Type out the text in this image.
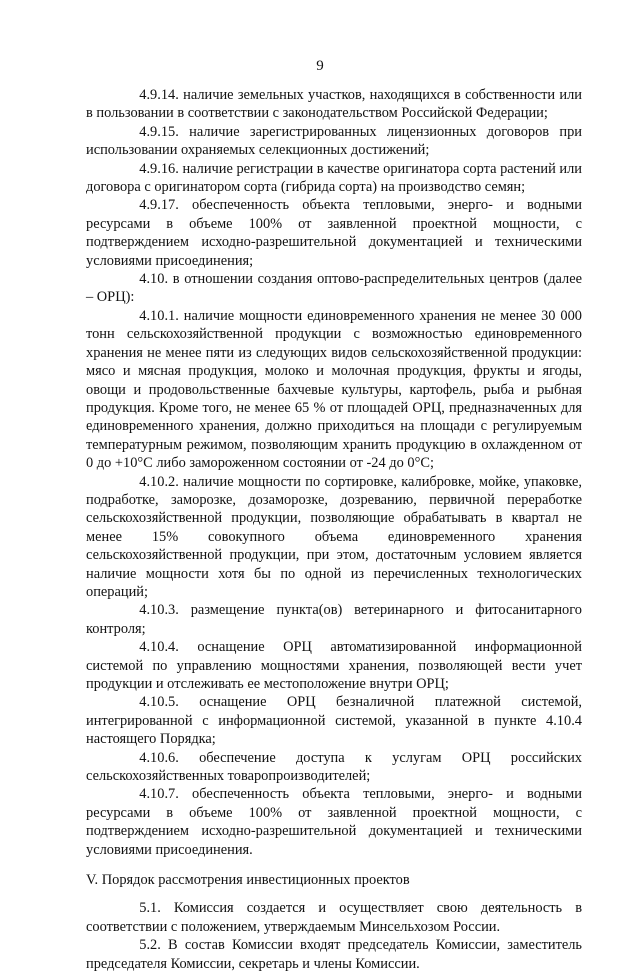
9

4.9.14. наличие земельных участков, находящихся в собственности или в пользовании в соответствии с законодательством Российской Федерации;

4.9.15. наличие зарегистрированных лицензионных договоров при использовании охраняемых селекционных достижений;

4.9.16. наличие регистрации в качестве оригинатора сорта растений или договора с оригинатором сорта (гибрида сорта) на производство семян;

4.9.17. обеспеченность объекта тепловыми, энерго- и водными ресурсами в объеме 100% от заявленной проектной мощности, с подтверждением исходно-разрешительной документацией и техническими условиями присоединения;

4.10. в отношении создания оптово-распределительных центров (далее – ОРЦ):

4.10.1. наличие мощности единовременного хранения не менее 30 000 тонн сельскохозяйственной продукции с возможностью единовременного хранения не менее пяти из следующих видов сельскохозяйственной продукции: мясо и мясная продукция, молоко и молочная продукция, фрукты и ягоды, овощи и продовольственные бахчевые культуры, картофель, рыба и рыбная продукция. Кроме того, не менее 65 % от площадей ОРЦ, предназначенных для единовременного хранения, должно приходиться на площади с регулируемым температурным режимом, позволяющим хранить продукцию в охлажденном от 0 до +10°С либо замороженном состоянии от -24 до 0°С;

4.10.2. наличие мощности по сортировке, калибровке, мойке, упаковке, подработке, заморозке, дозаморозке, дозреванию, первичной переработке сельскохозяйственной продукции, позволяющие обрабатывать в квартал не менее 15% совокупного объема единовременного хранения сельскохозяйственной продукции, при этом, достаточным условием является наличие мощности хотя бы по одной из перечисленных технологических операций;

4.10.3. размещение пункта(ов) ветеринарного и фитосанитарного контроля;

4.10.4. оснащение ОРЦ автоматизированной информационной системой по управлению мощностями хранения, позволяющей вести учет продукции и отслеживать ее местоположение внутри ОРЦ;

4.10.5. оснащение ОРЦ безналичной платежной системой, интегрированной с информационной системой, указанной в пункте 4.10.4 настоящего Порядка;

4.10.6. обеспечение доступа к услугам ОРЦ российских сельскохозяйственных товаропроизводителей;

4.10.7. обеспеченность объекта тепловыми, энерго- и водными ресурсами в объеме 100% от заявленной проектной мощности, с подтверждением исходно-разрешительной документацией и техническими условиями присоединения.

V. Порядок рассмотрения инвестиционных проектов

5.1. Комиссия создается и осуществляет свою деятельность в соответствии с положением, утверждаемым Минсельхозом России.

5.2. В состав Комиссии входят председатель Комиссии, заместитель председателя Комиссии, секретарь и члены Комиссии.
